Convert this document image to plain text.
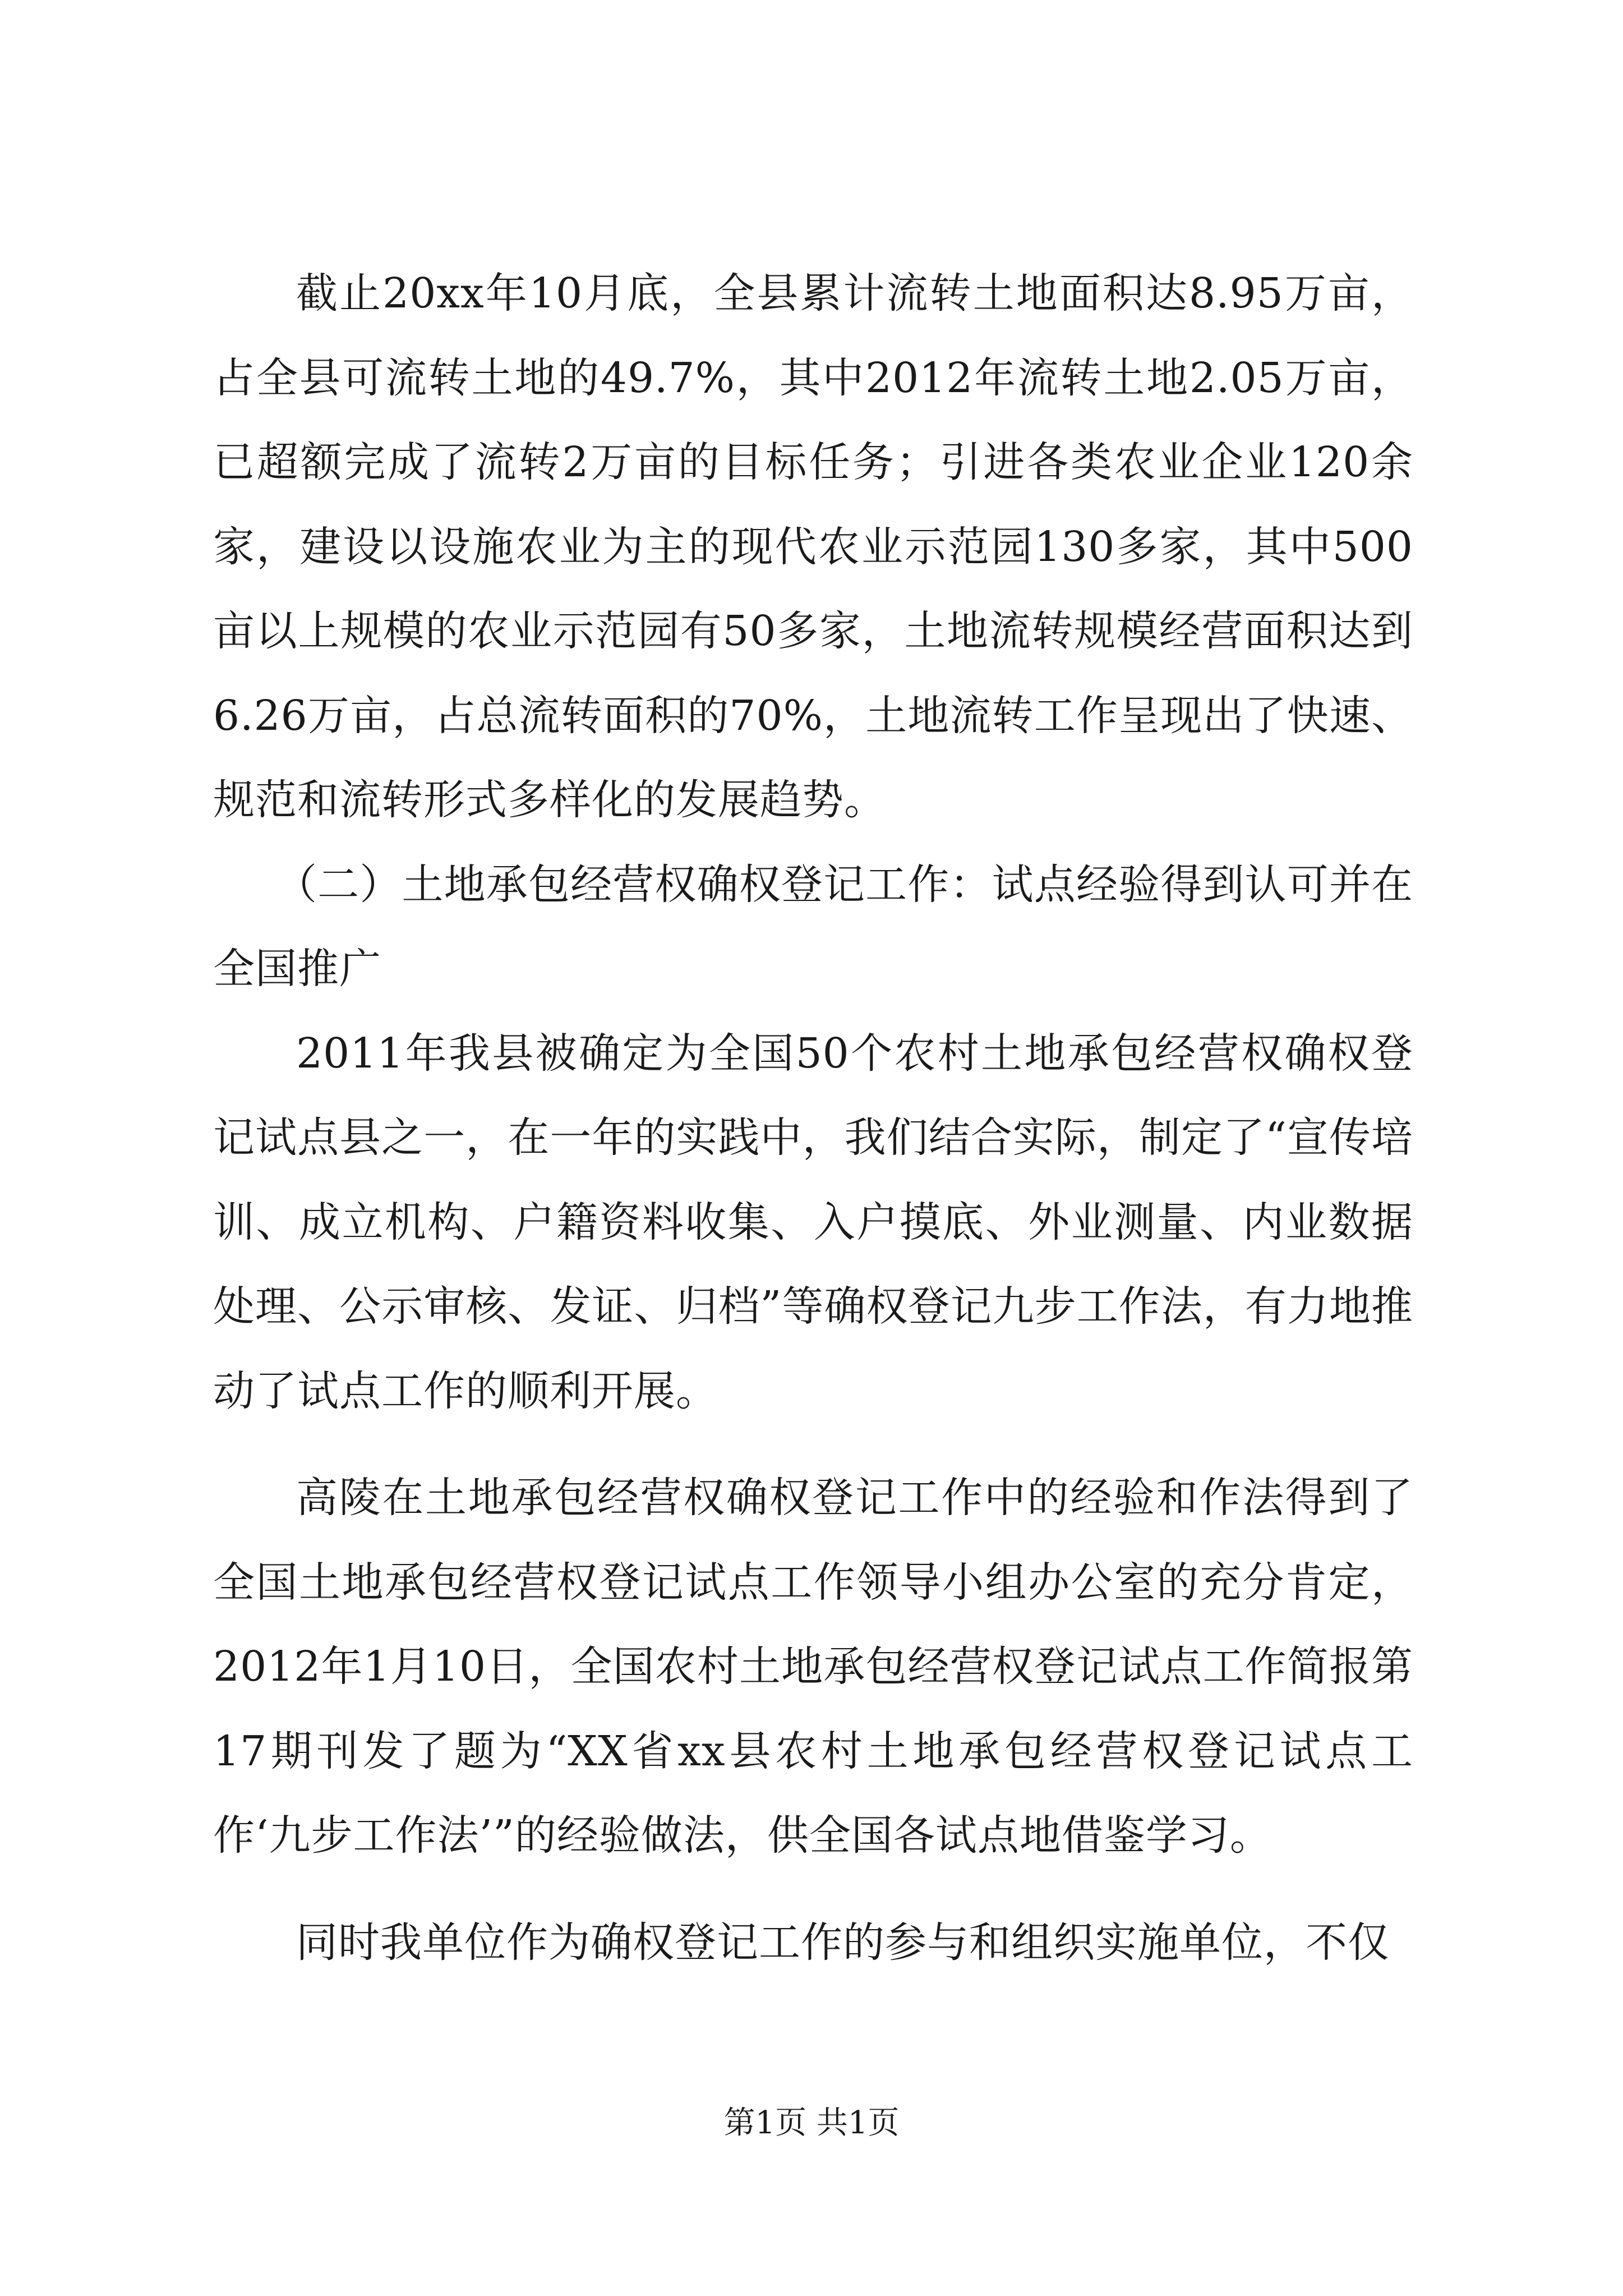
截止20xx年10月底，全县累计流转土地面积达8.95万亩，占全县可流转土地的49.7%，其中2012年流转土地2.05万亩，已超额完成了流转2万亩的目标任务；引进各类农业企业120余家，建设以设施农业为主的现代农业示范园130多家，其中500亩以上规模的农业示范园有50多家，土地流转规模经营面积达到6.26万亩，占总流转面积的70%，土地流转工作呈现出了快速、规范和流转形式多样化的发展趋势。

（二）土地承包经营权确权登记工作：试点经验得到认可并在全国推广

2011年我县被确定为全国50个农村土地承包经营权确权登记试点县之一，在一年的实践中，我们结合实际，制定了“宣传培训、成立机构、户籍资料收集、入户摸底、外业测量、内业数据处理、公示审核、发证、归档”等确权登记九步工作法，有力地推动了试点工作的顺利开展。

高陵在土地承包经营权确权登记工作中的经验和作法得到了全国土地承包经营权登记试点工作领导小组办公室的充分肯定，2012年1月10日，全国农村土地承包经营权登记试点工作简报第17期刊发了题为“XX省xx县农村土地承包经营权登记试点工作‘九步工作法’”的经验做法，供全国各试点地借鉴学习。

同时我单位作为确权登记工作的参与和组织实施单位，不仅

第1页 共1页
